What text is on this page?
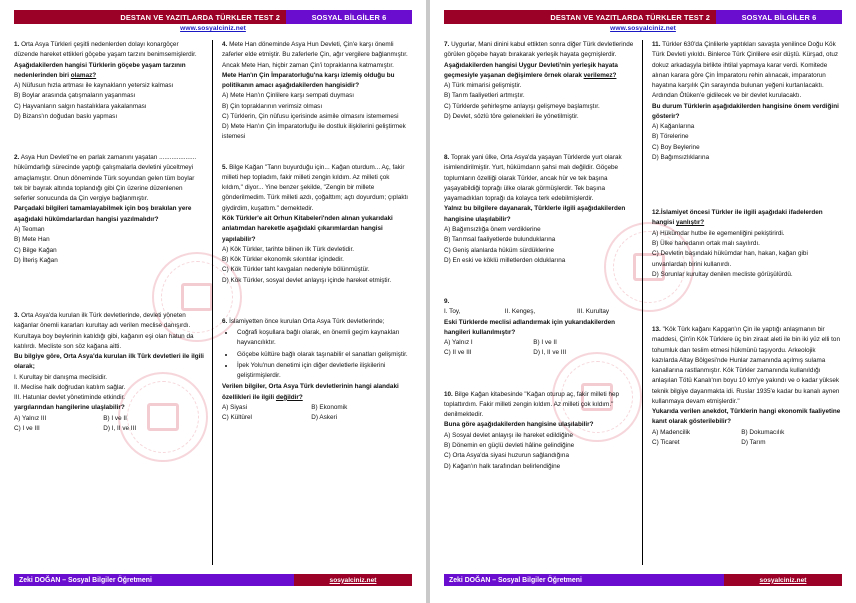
DESTAN VE YAZITLARDA TÜRKLER TEST 2	SOSYAL BİLGİLER 6
www.sosyalciniz.net

1. Orta Asya Türkleri çeşitli nedenlerden dolayı konargöçer düzende hareket ettikleri göçebe yaşam tarzını benimsemişlerdir.

Aşağıdakilerden hangisi Türklerin göçebe yaşam tarzının nedenlerinden biri olamaz?

A) Nüfusun hızla artması ile kaynakların yetersiz kalması

B) Boylar arasında çatışmaların yaşanması

C) Hayvanların salgın hastalıklara yakalanması

D) Bizans'ın doğudan baskı yapması

2. Asya Hun Devleti'ne en parlak zamanını yaşatan ..................... hükümdarlığı sürecinde yaptığı çalışmalarla devletini yüceltmeyi amaçlamıştır. Onun döneminde Türk soyundan gelen tüm boylar tek bir bayrak altında toplandığı gibi Çin üzerine düzenlenen seferler sonucunda da Çin vergiye bağlanmıştır.

Parçadaki bilgileri tamamlayabilmek için boş bırakılan yere aşağıdaki hükümdarlardan hangisi yazılmalıdır?

A) Teoman

B) Mete Han

C) Bilge Kağan

D) İlteriş Kağan

3. Orta Asya'da kurulan ilk Türk devletlerinde, devleti yöneten kağanlar önemli kararları kurultay adı verilen meclise danışırdı. Kurultaya boy beylerinin katıldığı gibi, kağanın eşi olan hatun da katılırdı. Mecliste son söz kağana aitti.

Bu bilgiye göre, Orta Asya'da kurulan ilk Türk devletleri ile ilgili olarak;

I. Kurultay bir danışma meclisidir.

II. Meclise halk doğrudan katılım sağlar.

III. Hatunlar devlet yönetiminde etkindir.

yargılarından hangilerine ulaşlabilir?

A) Yalnız III	B) I ve II
C) I ve III	D) I, II ve III

4. Mete Han döneminde Asya Hun Devleti, Çin'e karşı önemli zaferler elde etmiştir. Bu zaferlerle Çin, ağır vergilere bağlanmıştır. Ancak Mete Han, hiçbir zaman Çin'i topraklarına katmamıştır.

Mete Han'ın Çin İmparatorluğu'na karşı izlemiş olduğu bu politikanın amacı aşağıdakilerden hangisidir?

A) Mete Han'ın Çinlilere karşı sempati duyması

B) Çin topraklarının verimsiz olması

C) Türklerin, Çin nüfusu içerisinde asimile olmasını istememesi

D) Mete Han'ın Çin İmparatorluğu ile dostluk ilişkilerini geliştirmek istemesi

5. Bilge Kağan "Tanrı buyurduğu için... Kağan oturdum... Aç, fakir milleti hep topladım, fakir milleti zengin kıldım. Az milleti çok kıldım," diyor... Yine benzer şekilde, "Zengin bir millete gönderilmedim. Türk milleti azdı, çoğalttım; açtı doyurdum; çıplaktı giydirdim, kuşattım." demektedir.

Kök Türkler'e ait Orhun Kitabeleri'nden alınan yukarıdaki anlatımdan hareketle aşağıdaki çıkarımlardan hangisi yapılabilir?

A) Kök Türkler, tarihte bilinen ilk Türk devletidir.

B) Kök Türkler ekonomik sıkıntılar içindedir.

C) Kök Türkler taht kavgaları nedeniyle bölünmüştür.

D) Kök Türkler, sosyal devlet anlayışı içinde hareket etmiştir.

6. İslamiyetten önce kurulan Orta Asya Türk devletlerinde;

• Coğrafi koşullara bağlı olarak, en önemli geçim kaynakları hayvancılıktır.
• Göçebe kültüre bağlı olarak taşınabilir el sanatları gelişmiştir.
• İpek Yolu'nun denetimi için diğer devletlerle ilişkilerini geliştirmişlerdir.

Verilen bilgiler, Orta Asya Türk devletlerinin hangi alandaki özellikleri ile ilgili değildir?

A) Siyasi	B) Ekonomik
C) Kültürel	D) Askeri
Zeki DOĞAN – Sosyal Bilgiler Öğretmeni	sosyalciniz.net
DESTAN VE YAZITLARDA TÜRKLER TEST 2	SOSYAL BİLGİLER 6
www.sosyalciniz.net

7. Uygurlar, Mani dinini kabul ettikten sonra diğer Türk devletlerinde görülen göçebe hayatı bırakarak yerleşik hayata geçmişlerdir.

Aşağıdakilerden hangisi Uygur Devleti'nin yerleşik hayata geçmesiyle yaşanan değişimlere örnek olarak verilemez?

A) Türk mimarisi gelişmiştir.

B) Tarım faaliyetleri artmıştır.

C) Türklerde şehirleşme anlayışı gelişmeye başlamıştır.

D) Devlet, sözlü töre gelenekleri ile yönetilmiştir.

8. Toprak yani ülke, Orta Asya'da yaşayan Türklerde yurt olarak isimlendirilmiştir. Yurt, hükümdarın şahsi malı değildir. Göçebe toplumların özelliği olarak Türkler, ancak hür ve tek başına yaşayabildiği toprağı ülke olarak görmüşlerdir. Tek başına yayamadıkları toprağı da kolayca terk edebilmişlerdir.

Yalnız bu bilgilere dayanarak, Türklerle ilgili aşağıdakilerden hangisine ulaşılabilir?

A) Bağımsızlığa önem verdiklerine

B) Tarımsal faaliyetlerde bulunduklarına

C) Geniş alanlarda hüküm sürdüklerine

D) En eski ve köklü milletlerden olduklarına

9.

I. Toy,	II. Kengeş,	III. Kurultay

Eski Türklerde meclisi adlandırmak için yukarıdakilerden hangileri kullanılmıştır?

A) Yalnız I	B) I ve II
C) II ve III	D) I, II ve III

10. Bilge Kağan kitabesinde "Kağan oturup aç, fakir milleti hep toplattırdım. Fakir milleti zengin kıldım. Az milleti çok kıldım." denilmektedir.

Buna göre aşağıdakilerden hangisine ulaşılabilir?

A) Sosyal devlet anlayışı ile hareket edildiğine

B) Dönemin en güçlü devleti hâline gelindiğine

C) Orta Asya'da siyasi huzurun sağlandığına

D) Kağan'ın halk tarafından belirlendiğine

11. Türkler 630'da Çinlilerle yaptıkları savaşta yenilince Doğu Kök Türk Devleti yıkıldı. Binlerce Türk Çinlilere esir düştü. Kürşad, otuz dokuz arkadaşyla birlikte ihtilal yapmaya karar verdi. Komitede alınan karara göre Çin İmparatoru rehin alınacak, imparatorun hayatına karşılık Çin sarayında bulunan yeğeni kurtarılacaktı. Ardından Ötüken'e gidilecek ve bir devlet kurulacaktı.

Bu durum Türklerin aşağıdakilerden hangisine önem verdiğini gösterir?

A) Kağanlarına

B) Törelerine

C) Boy Beylerine

D) Bağımsızlıklarına

12.İslamiyet öncesi Türkler ile ilgili aşağıdaki ifadelerden hangisi yanlıştır?

A) Hükümdar hutbe ile egemenliğini pekiştirirdi.

B) Ülke hanedanın ortak malı sayılırdı.

C) Devletin başındaki hükümdar han, hakan, kağan gibi unvanlardan birini kullanırdı.

D) Sorunlar kurultay denilen mecliste görüşülürdü.

13. "Kök Türk kağanı Kapgan'ın Çin ile yaptığı anlaşmanın bir maddesi, Çin'in Kök Türklere üç bin ziraat aleti ile bin iki yüz elli ton tohumluk darı teslim etmesi hükmünü taşıyordu. Arkeolojik kazılarda Altay Bölgesi'nde Hunlar zamanında açılmış sulama kanallarına rastlanmıştır. Kök Türkler zamanında kullanıldığı anlaşılan Tötü Kanalı'nın boyu 10 km'ye yakındı ve o kadar yüksek teknik bilgiye dayanmakta idi. Ruslar 1935'e kadar bu kanalı aynen kullanmaya devam etmişlerdir."

Yukarıda verilen anekdot, Türklerin hangi ekonomik faaliyetine kanıt olarak gösterilebilir?

A) Madencilik	B) Dokumacılık
C) Ticaret	D) Tarım
Zeki DOĞAN – Sosyal Bilgiler Öğretmeni	sosyalciniz.net
